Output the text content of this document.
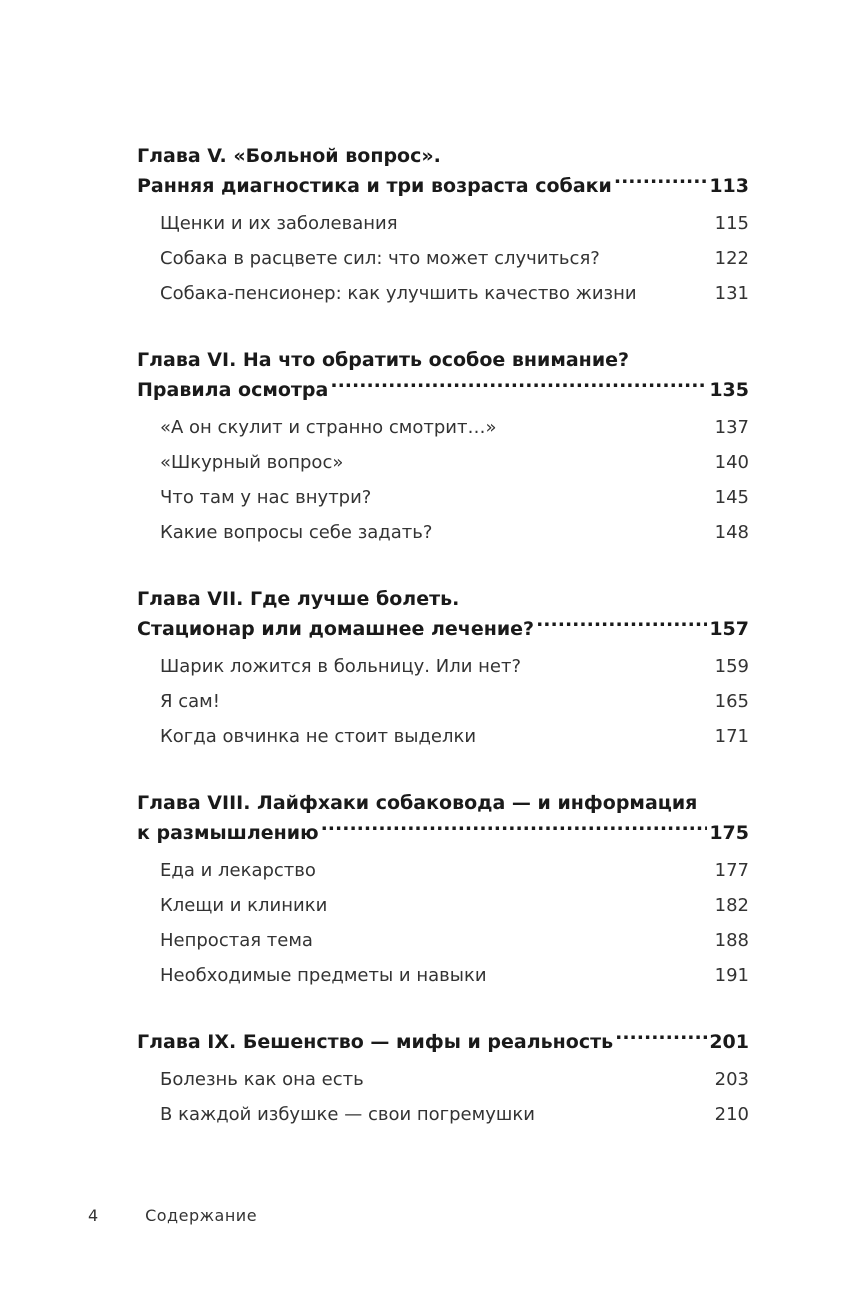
Глава V. «Больной вопрос».
Ранняя диагностика и три возраста собаки .....	113
Щенки и их заболевания .....	115
Собака в расцвете сил: что может случиться? .....	122
Собака-пенсионер: как улучшить качество жизни .....	131
Глава VI. На что обратить особое внимание?
Правила осмотра .....	135
«А он скулит и странно смотрит…» .....	137
«Шкурный вопрос» .....	140
Что там у нас внутри? .....	145
Какие вопросы себе задать? .....	148
Глава VII. Где лучше болеть.
Стационар или домашнее лечение? .....	157
Шарик ложится в больницу. Или нет? .....	159
Я сам! .....	165
Когда овчинка не стоит выделки .....	171
Глава VIII. Лайфхаки собаковода — и информация
к размышлению .....	175
Еда и лекарство .....	177
Клещи и клиники .....	182
Непростая тема .....	188
Необходимые предметы и навыки .....	191
Глава IX. Бешенство — мифы и реальность .....	201
Болезнь как она есть .....	203
В каждой избушке — свои погремушки .....	210
4	Содержание
